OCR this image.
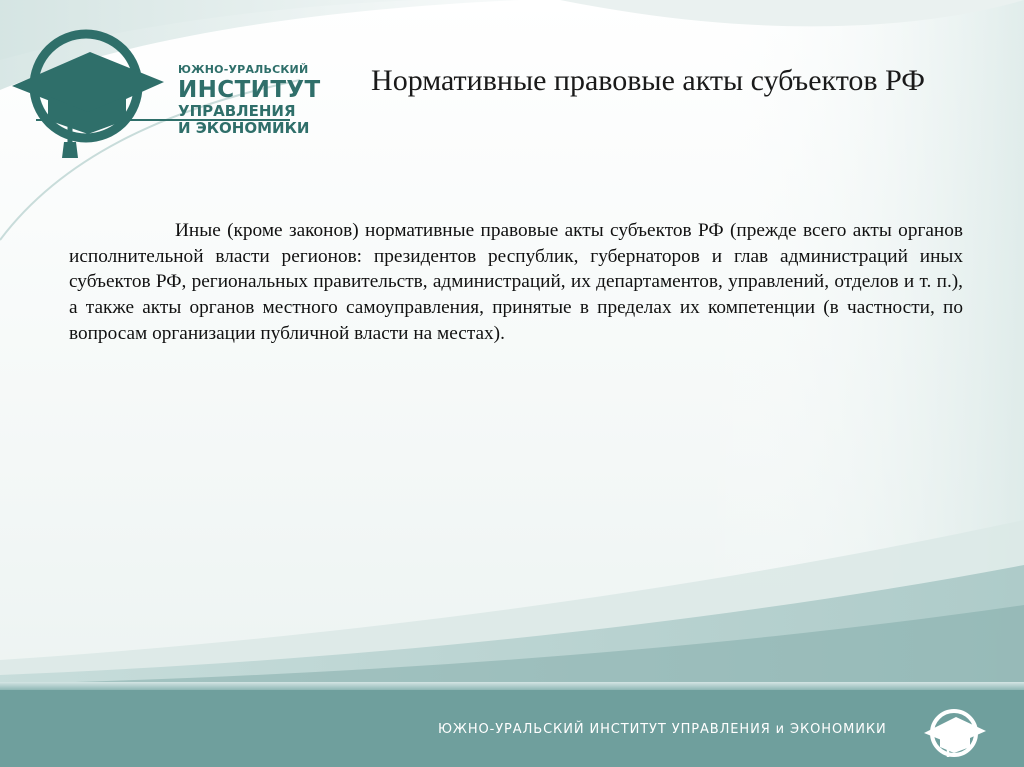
ЮЖНО-УРАЛЬСКИЙ
ИНСТИТУТ
УПРАВЛЕНИЯ
И ЭКОНОМИКИ
Нормативные правовые акты субъектов РФ
Иные (кроме законов) нормативные правовые акты субъектов РФ (прежде всего акты органов исполнительной власти регионов: президентов республик, губернаторов и глав администраций иных субъектов РФ, региональных правительств, администраций, их департаментов, управлений, отделов и т. п.), а также акты органов местного самоуправления, принятые в пределах их компетенции (в частности, по вопросам организации публичной власти на местах).
ЮЖНО-УРАЛЬСКИЙ ИНСТИТУТ УПРАВЛЕНИЯ и ЭКОНОМИКИ
